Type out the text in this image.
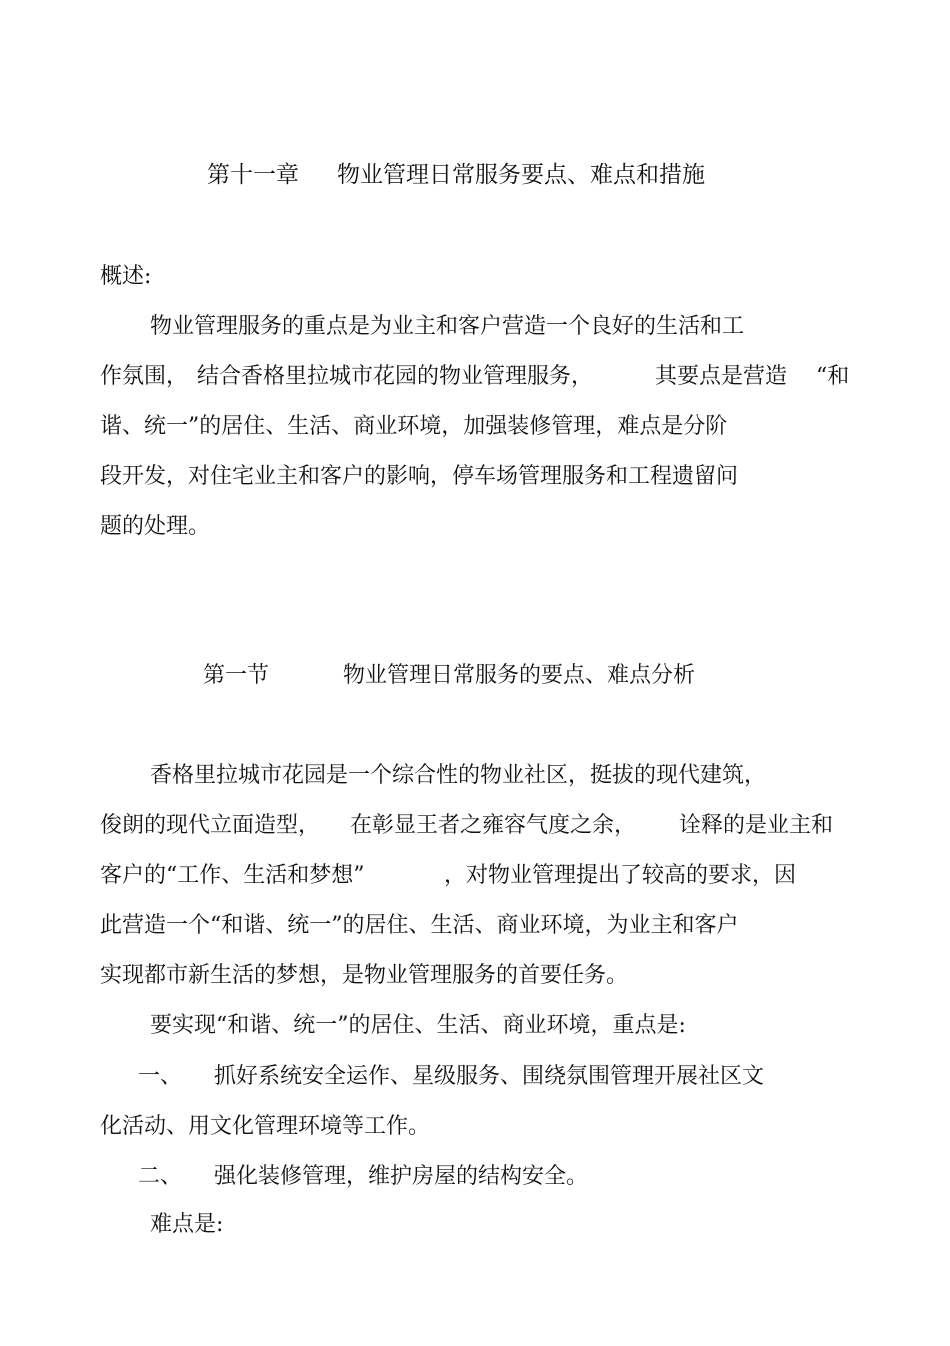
第十一章 物业管理日常服务要点、难点和措施
概述:
物业管理服务的重点是为业主和客户营造一个良好的生活和工
作氛围， 结合香格里拉城市花园的物业管理服务，	其要点是营造 “和
谐、统一”的居住、生活、商业环境，加强装修管理，难点是分阶
段开发，对住宅业主和客户的影响，停车场管理服务和工程遗留问
题的处理。
第一节	物业管理日常服务的要点、难点分析
香格里拉城市花园是一个综合性的物业社区，挺拔的现代建筑，
俊朗的现代立面造型， 在彰显王者之雍容气度之余， 诠释的是业主和
客户的“工作、生活和梦想”	，对物业管理提出了较高的要求，因
此营造一个“和谐、统一”的居住、生活、商业环境，为业主和客户
实现都市新生活的梦想，是物业管理服务的首要任务。
要实现“和谐、统一”的居住、生活、商业环境，重点是:
一、 抓好系统安全运作、星级服务、围绕氛围管理开展社区文
化活动、用文化管理环境等工作。
二、 强化装修管理，维护房屋的结构安全。
难点是:
